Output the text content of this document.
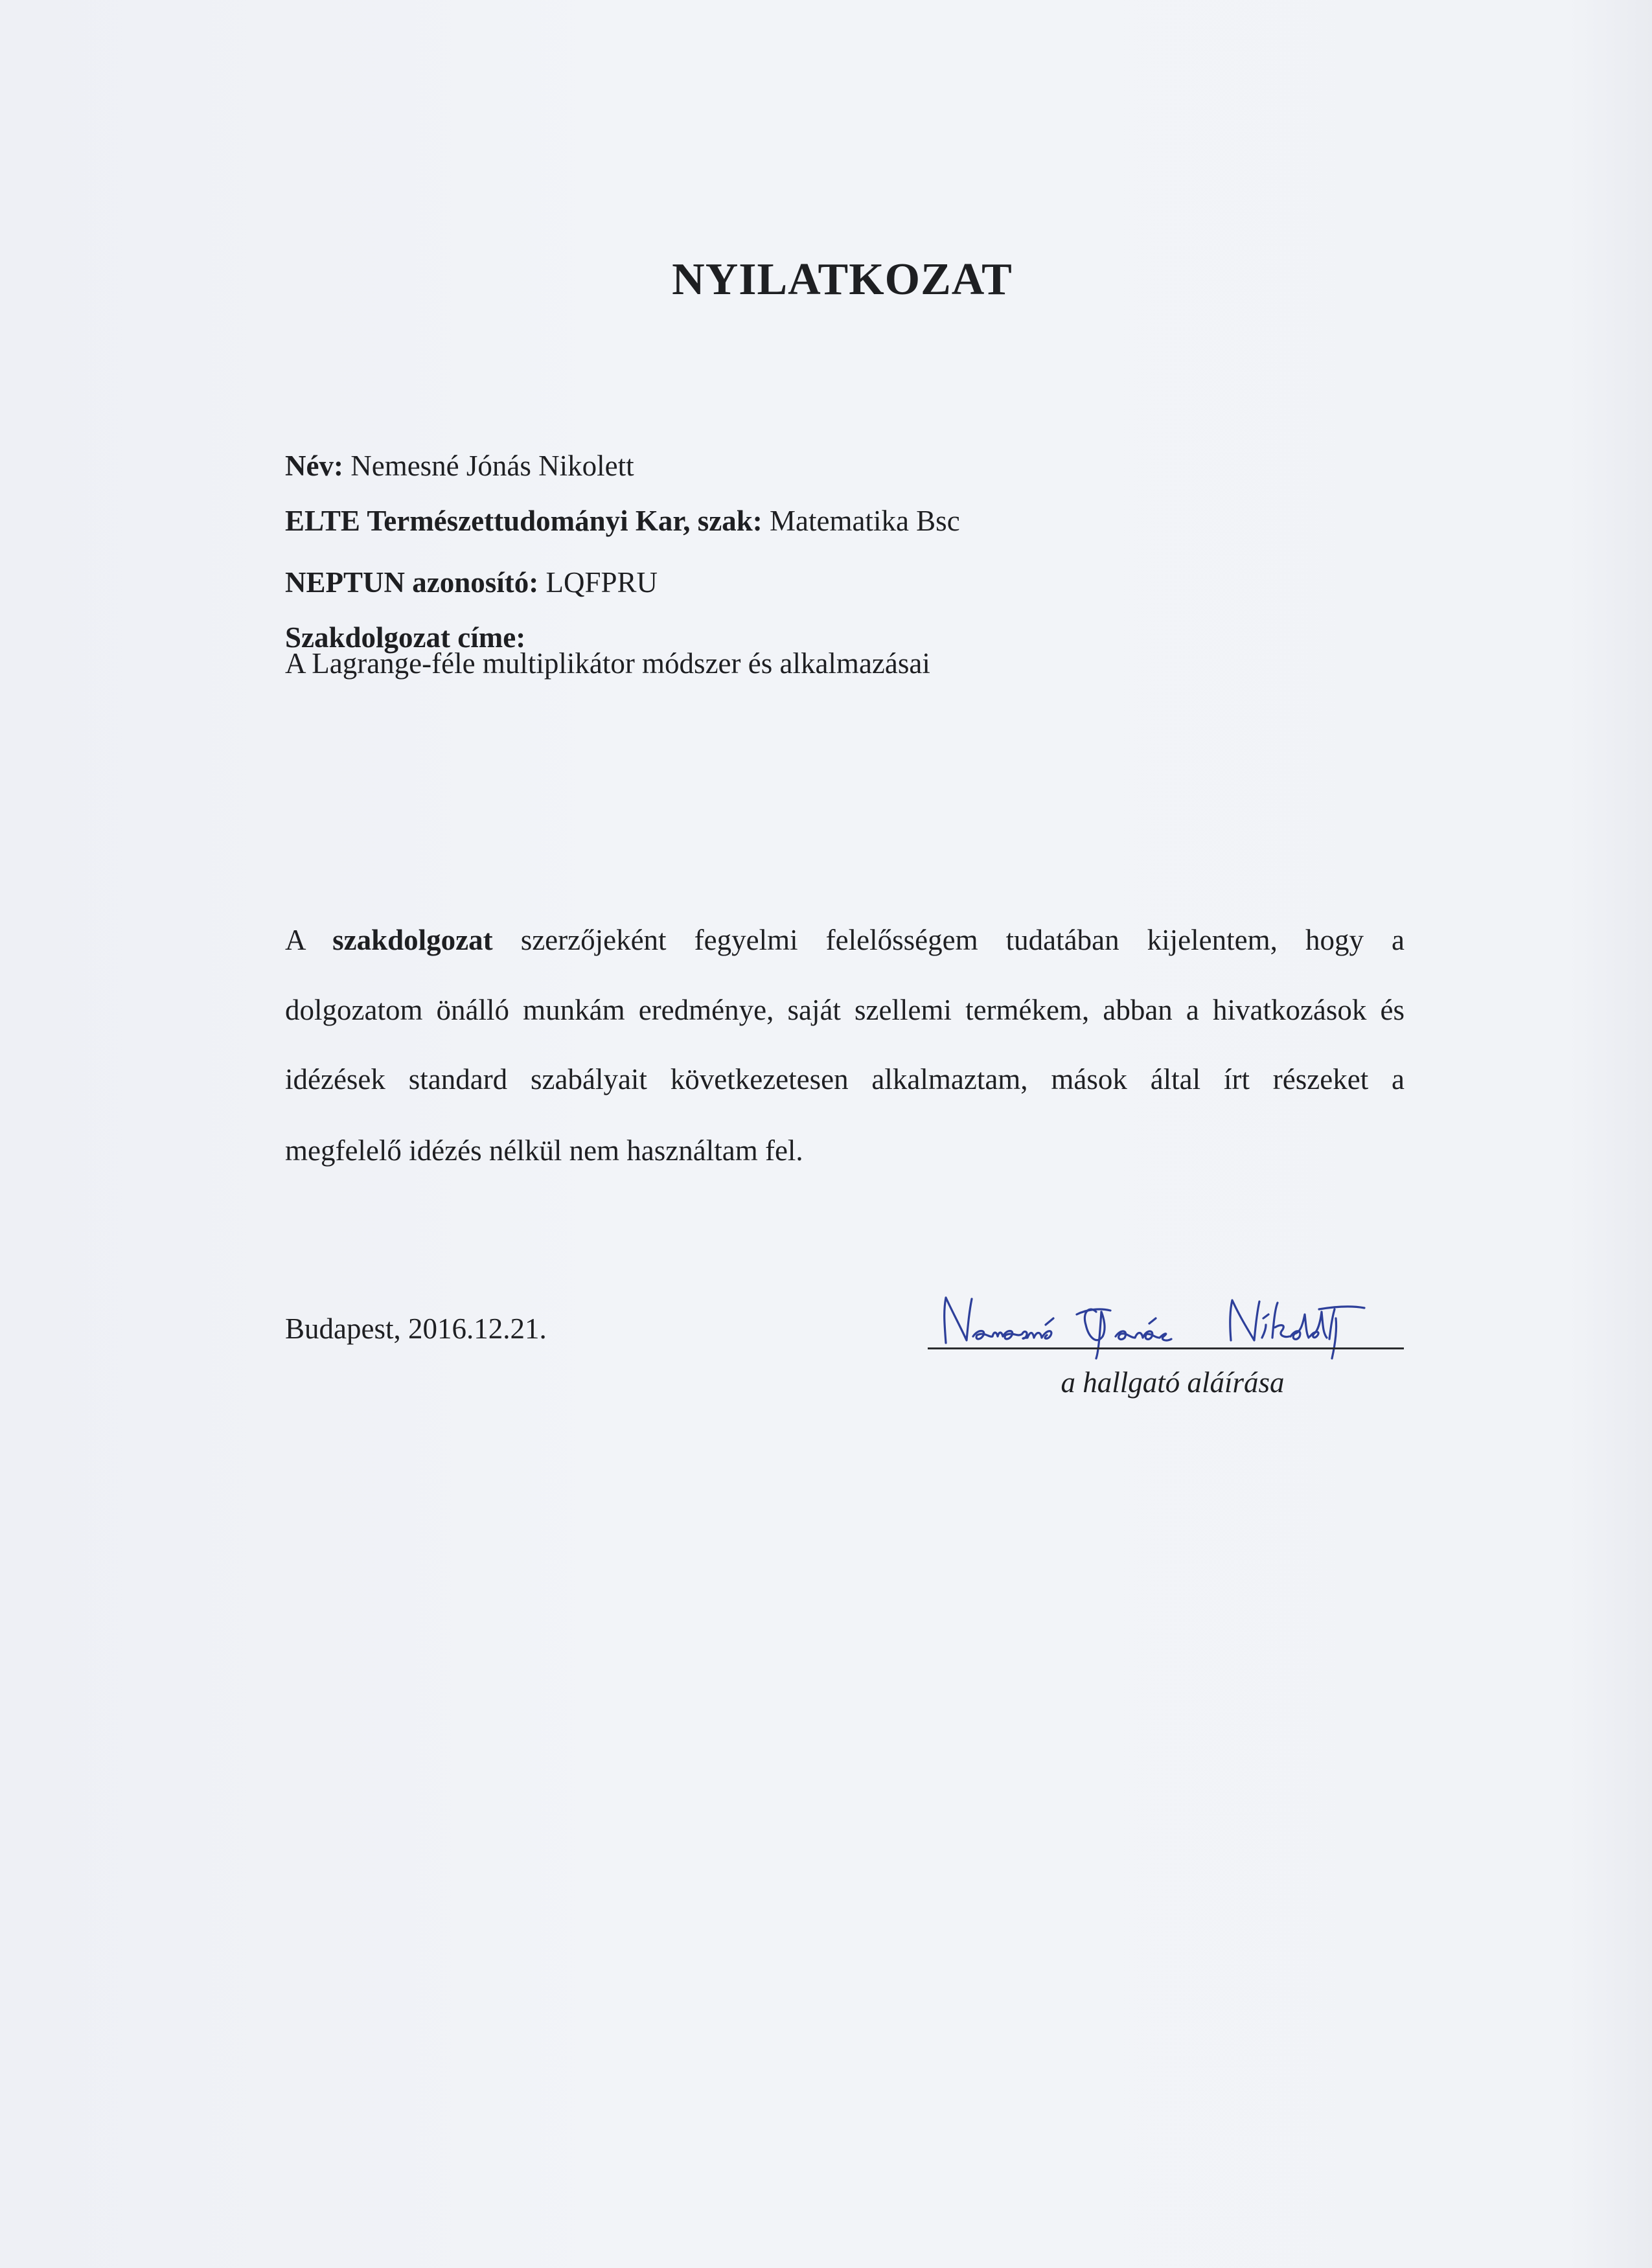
NYILATKOZAT
Név: Nemesné Jónás Nikolett
ELTE Természettudományi Kar, szak: Matematika Bsc
NEPTUN azonosító: LQFPRU
Szakdolgozat címe:
A Lagrange-féle multiplikátor módszer és alkalmazásai
A szakdolgozat szerzőjeként fegyelmi felelősségem tudatában kijelentem, hogy a
dolgozatom önálló munkám eredménye, saját szellemi termékem, abban a hivatkozások és
idézések standard szabályait következetesen alkalmaztam, mások által írt részeket a
megfelelő idézés nélkül nem használtam fel.
Budapest, 2016.12.21.
Nemesné Jónás Nikolett
a hallgató aláírása
